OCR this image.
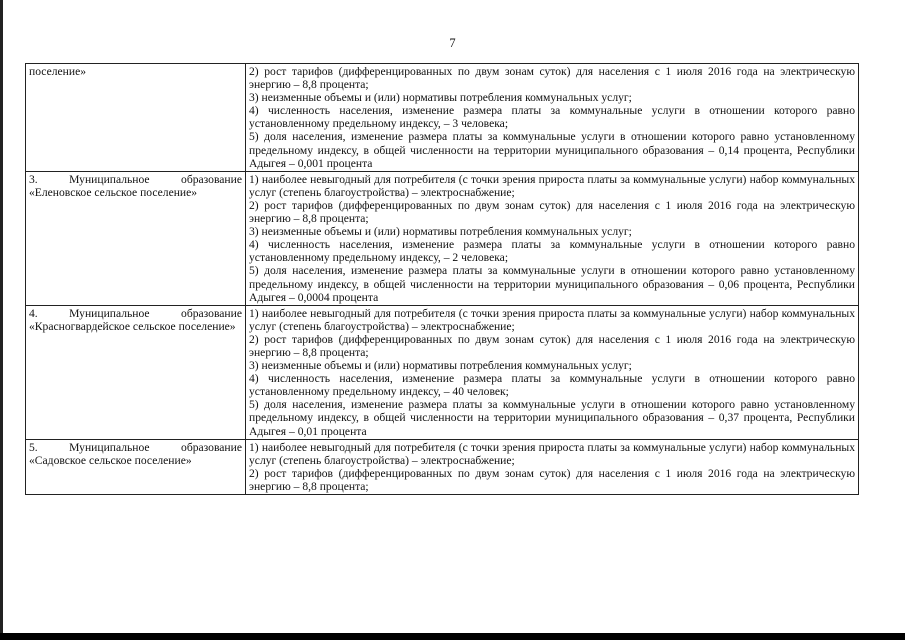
7
поселение»	2) рост тарифов (дифференцированных по двум зонам суток) для населения с 1 июля 2016 года на электрическую энергию – 8,8 процента;

3) неизменные объемы и (или) нормативы потребления коммунальных услуг;

4) численность населения, изменение размера платы за коммунальные услуги в отношении которого равно установленному предельному индексу, – 3 человека;

5) доля населения, изменение размера платы за коммунальные услуги в отношении которого равно установленному предельному индексу, в общей численности на территории муниципального образования – 0,14 процента, Республики Адыгея – 0,001 процента

3. Муниципальное образование «Еленовское сельское поселение»	1) наиболее невыгодный для потребителя (с точки зрения прироста платы за коммунальные услуги) набор коммунальных услуг (степень благоустройства) – электроснабжение;

2) рост тарифов (дифференцированных по двум зонам суток) для населения с 1 июля 2016 года на электрическую энергию – 8,8 процента;

3) неизменные объемы и (или) нормативы потребления коммунальных услуг;

4) численность населения, изменение размера платы за коммунальные услуги в отношении которого равно установленному предельному индексу, – 2 человека;

5) доля населения, изменение размера платы за коммунальные услуги в отношении которого равно установленному предельному индексу, в общей численности на территории муниципального образования – 0,06 процента, Республики Адыгея – 0,0004 процента

4. Муниципальное образование «Красногвардейское сельское поселение»	1) наиболее невыгодный для потребителя (с точки зрения прироста платы за коммунальные услуги) набор коммунальных услуг (степень благоустройства) – электроснабжение;

2) рост тарифов (дифференцированных по двум зонам суток) для населения с 1 июля 2016 года на электрическую энергию – 8,8 процента;

3) неизменные объемы и (или) нормативы потребления коммунальных услуг;

4) численность населения, изменение размера платы за коммунальные услуги в отношении которого равно установленному предельному индексу, – 40 человек;

5) доля населения, изменение размера платы за коммунальные услуги в отношении которого равно установленному предельному индексу, в общей численности на территории муниципального образования – 0,37 процента, Республики Адыгея – 0,01 процента

5. Муниципальное образование «Садовское сельское поселение»	1) наиболее невыгодный для потребителя (с точки зрения прироста платы за коммунальные услуги) набор коммунальных услуг (степень благоустройства) – электроснабжение;

2) рост тарифов (дифференцированных по двум зонам суток) для населения с 1 июля 2016 года на электрическую энергию – 8,8 процента;
